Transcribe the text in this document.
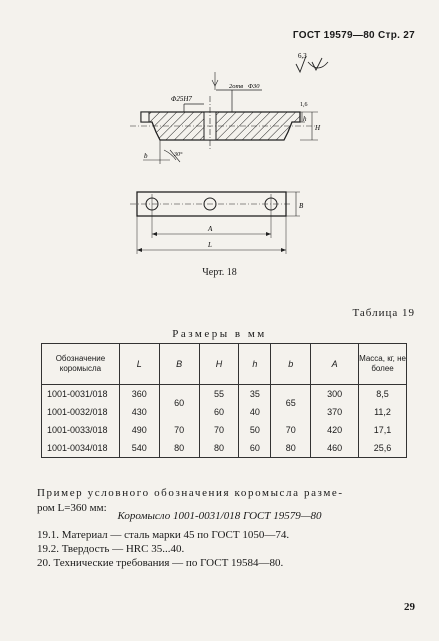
ГОСТ 19579—80 Стр. 27
Φ25Н7
2отв Φ30
1,6
h
H
b	30°
6,3
B
A
L
Черт. 18
Таблица 19
Размеры в мм
Обозначение коромысла	L	B	H	h	b	A	Масса, кг, не более
1001-0031/018	360	60	55	35	65	300	8,5
1001-0032/018	430		60	40		370	11,2
1001-0033/018	490	70	70	50	70	420	17,1
1001-0034/018	540	80	80	60	80	460	25,6
Пример условного обозначения коромысла разме-
ром L=360 мм:
Коромысло 1001-0031/018 ГОСТ 19579—80
19.1. Материал — сталь марки 45 по ГОСТ 1050—74.
19.2. Твердость — HRC 35...40.
20. Технические требования — по ГОСТ 19584—80.
29
